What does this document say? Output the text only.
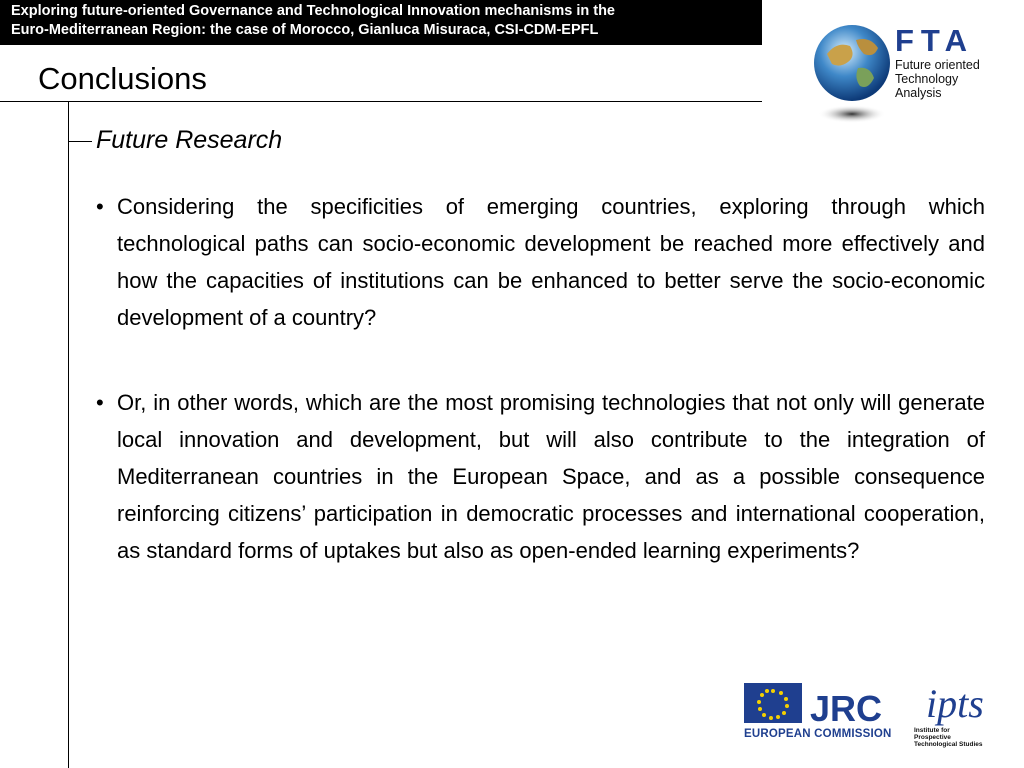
Exploring future-oriented Governance and Technological Innovation mechanisms in the
Euro-Mediterranean Region: the case of Morocco, Gianluca Misuraca, CSI-CDM-EPFL	FTA
Future oriented
Technology
Analysis
Conclusions
Future Research
• Considering the specificities of emerging countries, exploring through which technological paths can socio-economic development be reached more effectively and how the capacities of institutions can be enhanced to better serve the socio-economic development of a country?
• Or, in other words, which are the most promising technologies that not only will generate local innovation and development, but will also contribute to the integration of Mediterranean countries in the European Space, and as a possible consequence reinforcing citizens’ participation in democratic processes and international cooperation, as standard forms of uptakes but also as open-ended learning experiments?
JRC
EUROPEAN COMMISSION
ipts
Institute for
Prospective
Technological Studies
